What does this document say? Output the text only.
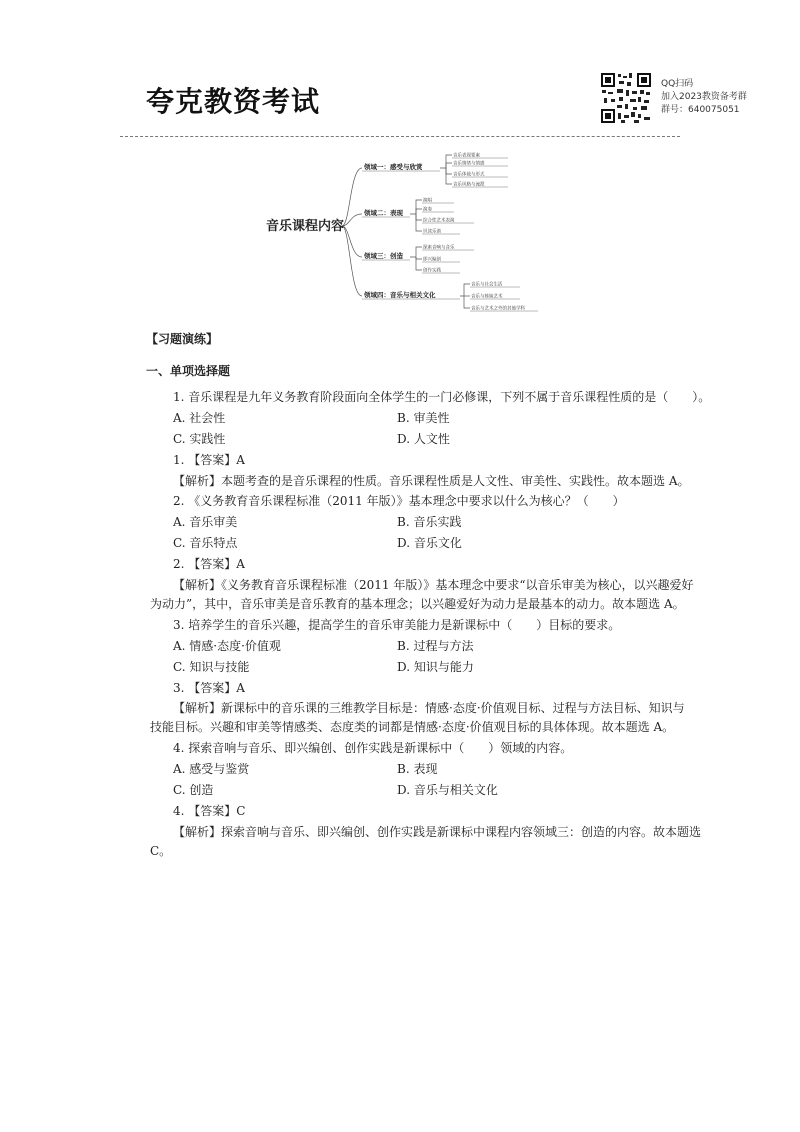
夸克教资考试
QQ扫码
加入2023教资备考群
群号：640075051
音乐课程内容
领域一：感受与欣赏
领域二：表现
领域三：创造
领域四：音乐与相关文化
音乐表现要素
音乐情绪与情感
音乐体裁与形式
音乐风格与流派
演唱
演奏
综合性艺术表演
识读乐谱
探索音响与音乐
即兴编创
创作实践
音乐与社会生活
音乐与姊妹艺术
音乐与艺术之外的其他学科
【习题演练】
一、单项选择题
1. 音乐课程是九年义务教育阶段面向全体学生的一门必修课，下列不属于音乐课程性质的是（　　）。
A. 社会性	B. 审美性
C. 实践性	D. 人文性
1. 【答案】A
【解析】本题考查的是音乐课程的性质。音乐课程性质是人文性、审美性、实践性。故本题选 A。
2. 《义务教育音乐课程标准（2011 年版）》基本理念中要求以什么为核心？（　　）
A. 音乐审美	B. 音乐实践
C. 音乐特点	D. 音乐文化
2. 【答案】A
【解析】《义务教育音乐课程标准（2011 年版）》基本理念中要求“以音乐审美为核心，以兴趣爱好
为动力”，其中，音乐审美是音乐教育的基本理念；以兴趣爱好为动力是最基本的动力。故本题选 A。
3. 培养学生的音乐兴趣，提高学生的音乐审美能力是新课标中（　　）目标的要求。
A. 情感·态度·价值观	B. 过程与方法
C. 知识与技能	D. 知识与能力
3. 【答案】A
【解析】新课标中的音乐课的三维教学目标是：情感·态度·价值观目标、过程与方法目标、知识与
技能目标。兴趣和审美等情感类、态度类的词都是情感·态度·价值观目标的具体体现。故本题选 A。
4. 探索音响与音乐、即兴编创、创作实践是新课标中（　　）领域的内容。
A. 感受与鉴赏	B. 表现
C. 创造	D. 音乐与相关文化
4. 【答案】C
【解析】探索音响与音乐、即兴编创、创作实践是新课标中课程内容领域三：创造的内容。故本题选
C。
